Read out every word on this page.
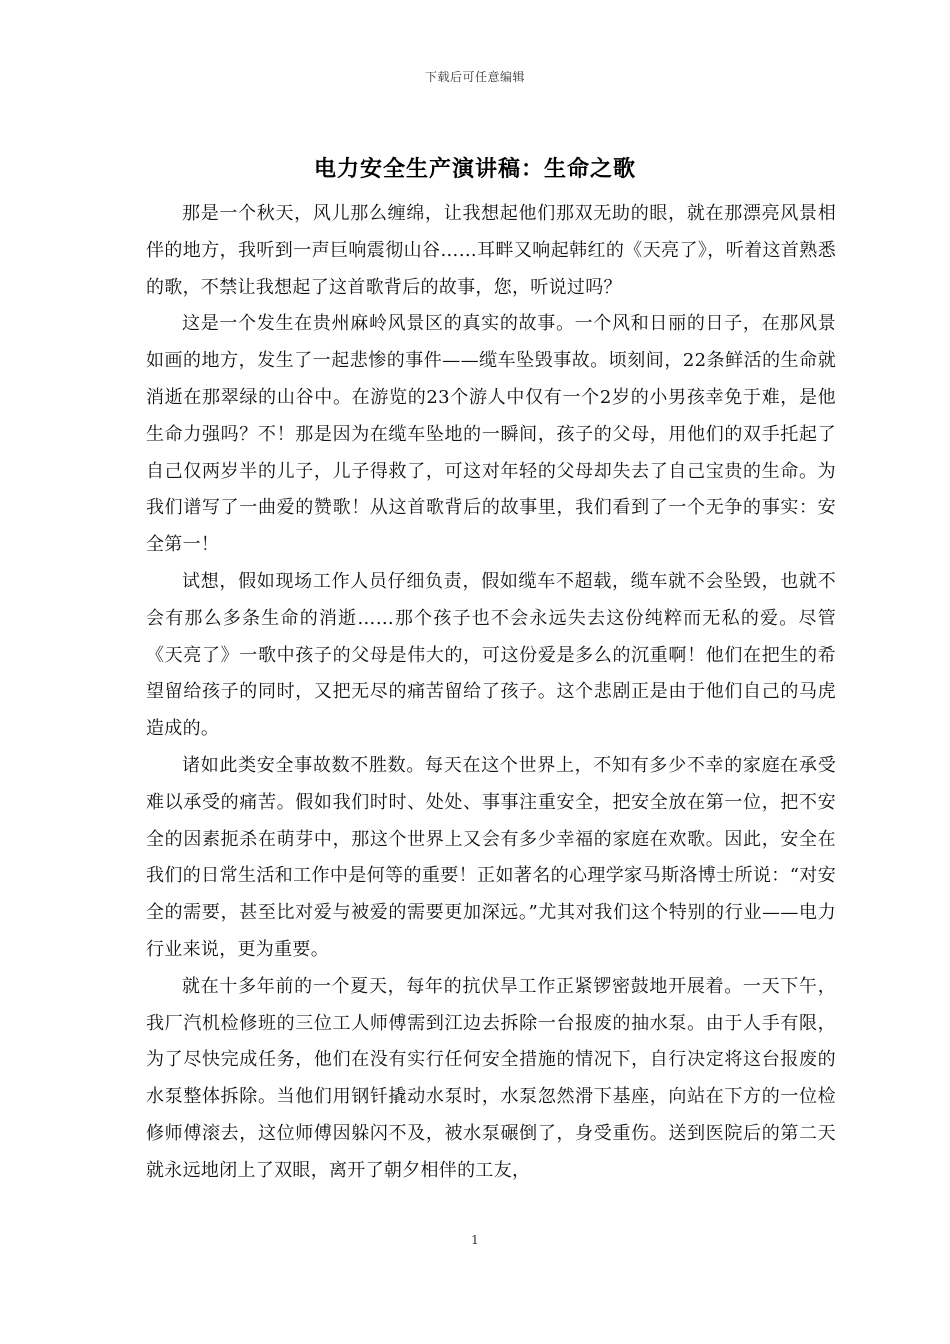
下载后可任意编辑
电力安全生产演讲稿：生命之歌

那是一个秋天，风儿那么缠绵，让我想起他们那双无助的眼，就在那漂亮风景相伴的地方，我听到一声巨响震彻山谷……耳畔又响起韩红的《天亮了》，听着这首熟悉的歌，不禁让我想起了这首歌背后的故事，您，听说过吗？

这是一个发生在贵州麻岭风景区的真实的故事。一个风和日丽的日子，在那风景如画的地方，发生了一起悲惨的事件——缆车坠毁事故。顷刻间，22条鲜活的生命就消逝在那翠绿的山谷中。在游览的23个游人中仅有一个2岁的小男孩幸免于难，是他生命力强吗？不！那是因为在缆车坠地的一瞬间，孩子的父母，用他们的双手托起了自己仅两岁半的儿子，儿子得救了，可这对年轻的父母却失去了自己宝贵的生命。为我们谱写了一曲爱的赞歌！从这首歌背后的故事里，我们看到了一个无争的事实：安全第一！

试想，假如现场工作人员仔细负责，假如缆车不超载，缆车就不会坠毁，也就不会有那么多条生命的消逝……那个孩子也不会永远失去这份纯粹而无私的爱。尽管《天亮了》一歌中孩子的父母是伟大的，可这份爱是多么的沉重啊！他们在把生的希望留给孩子的同时，又把无尽的痛苦留给了孩子。这个悲剧正是由于他们自己的马虎造成的。

诸如此类安全事故数不胜数。每天在这个世界上，不知有多少不幸的家庭在承受难以承受的痛苦。假如我们时时、处处、事事注重安全，把安全放在第一位，把不安全的因素扼杀在萌芽中，那这个世界上又会有多少幸福的家庭在欢歌。因此，安全在我们的日常生活和工作中是何等的重要！正如著名的心理学家马斯洛博士所说：“对安全的需要，甚至比对爱与被爱的需要更加深远。”尤其对我们这个特别的行业——电力行业来说，更为重要。

就在十多年前的一个夏天，每年的抗伏旱工作正紧锣密鼓地开展着。一天下午，我厂汽机检修班的三位工人师傅需到江边去拆除一台报废的抽水泵。由于人手有限，为了尽快完成任务，他们在没有实行任何安全措施的情况下，自行决定将这台报废的水泵整体拆除。当他们用钢钎撬动水泵时，水泵忽然滑下基座，向站在下方的一位检修师傅滚去，这位师傅因躲闪不及，被水泵碾倒了，身受重伤。送到医院后的第二天就永远地闭上了双眼，离开了朝夕相伴的工友，

1
